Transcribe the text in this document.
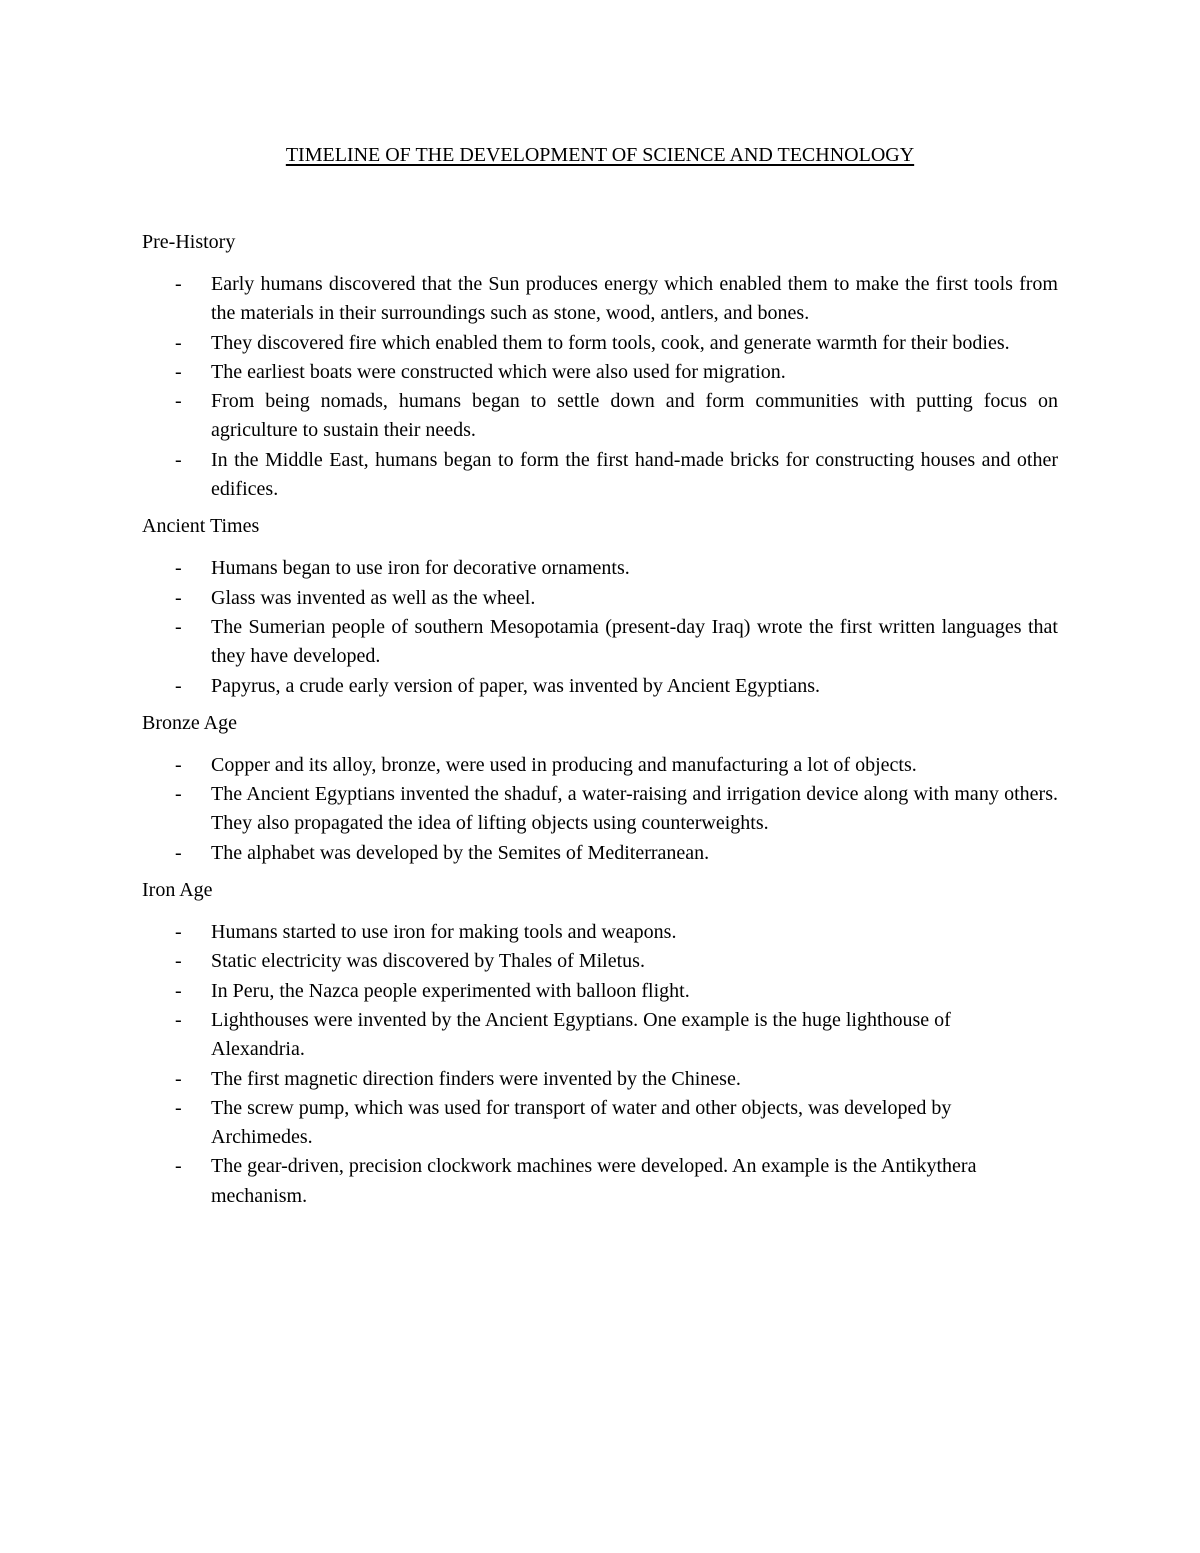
TIMELINE OF THE DEVELOPMENT OF SCIENCE AND TECHNOLOGY
Pre-History
- Early humans discovered that the Sun produces energy which enabled them to make the first tools from the materials in their surroundings such as stone, wood, antlers, and bones.
- They discovered fire which enabled them to form tools, cook, and generate warmth for their bodies.
- The earliest boats were constructed which were also used for migration.
- From being nomads, humans began to settle down and form communities with putting focus on agriculture to sustain their needs.
- In the Middle East, humans began to form the first hand-made bricks for constructing houses and other edifices.
Ancient Times
- Humans began to use iron for decorative ornaments.
- Glass was invented as well as the wheel.
- The Sumerian people of southern Mesopotamia (present-day Iraq) wrote the first written languages that they have developed.
- Papyrus, a crude early version of paper, was invented by Ancient Egyptians.
Bronze Age
- Copper and its alloy, bronze, were used in producing and manufacturing a lot of objects.
- The Ancient Egyptians invented the shaduf, a water-raising and irrigation device along with many others. They also propagated the idea of lifting objects using counterweights.
- The alphabet was developed by the Semites of Mediterranean.
Iron Age
- Humans started to use iron for making tools and weapons.
- Static electricity was discovered by Thales of Miletus.
- In Peru, the Nazca people experimented with balloon flight.
- Lighthouses were invented by the Ancient Egyptians. One example is the huge lighthouse of Alexandria.
- The first magnetic direction finders were invented by the Chinese.
- The screw pump, which was used for transport of water and other objects, was developed by Archimedes.
- The gear-driven, precision clockwork machines were developed. An example is the Antikythera mechanism.
